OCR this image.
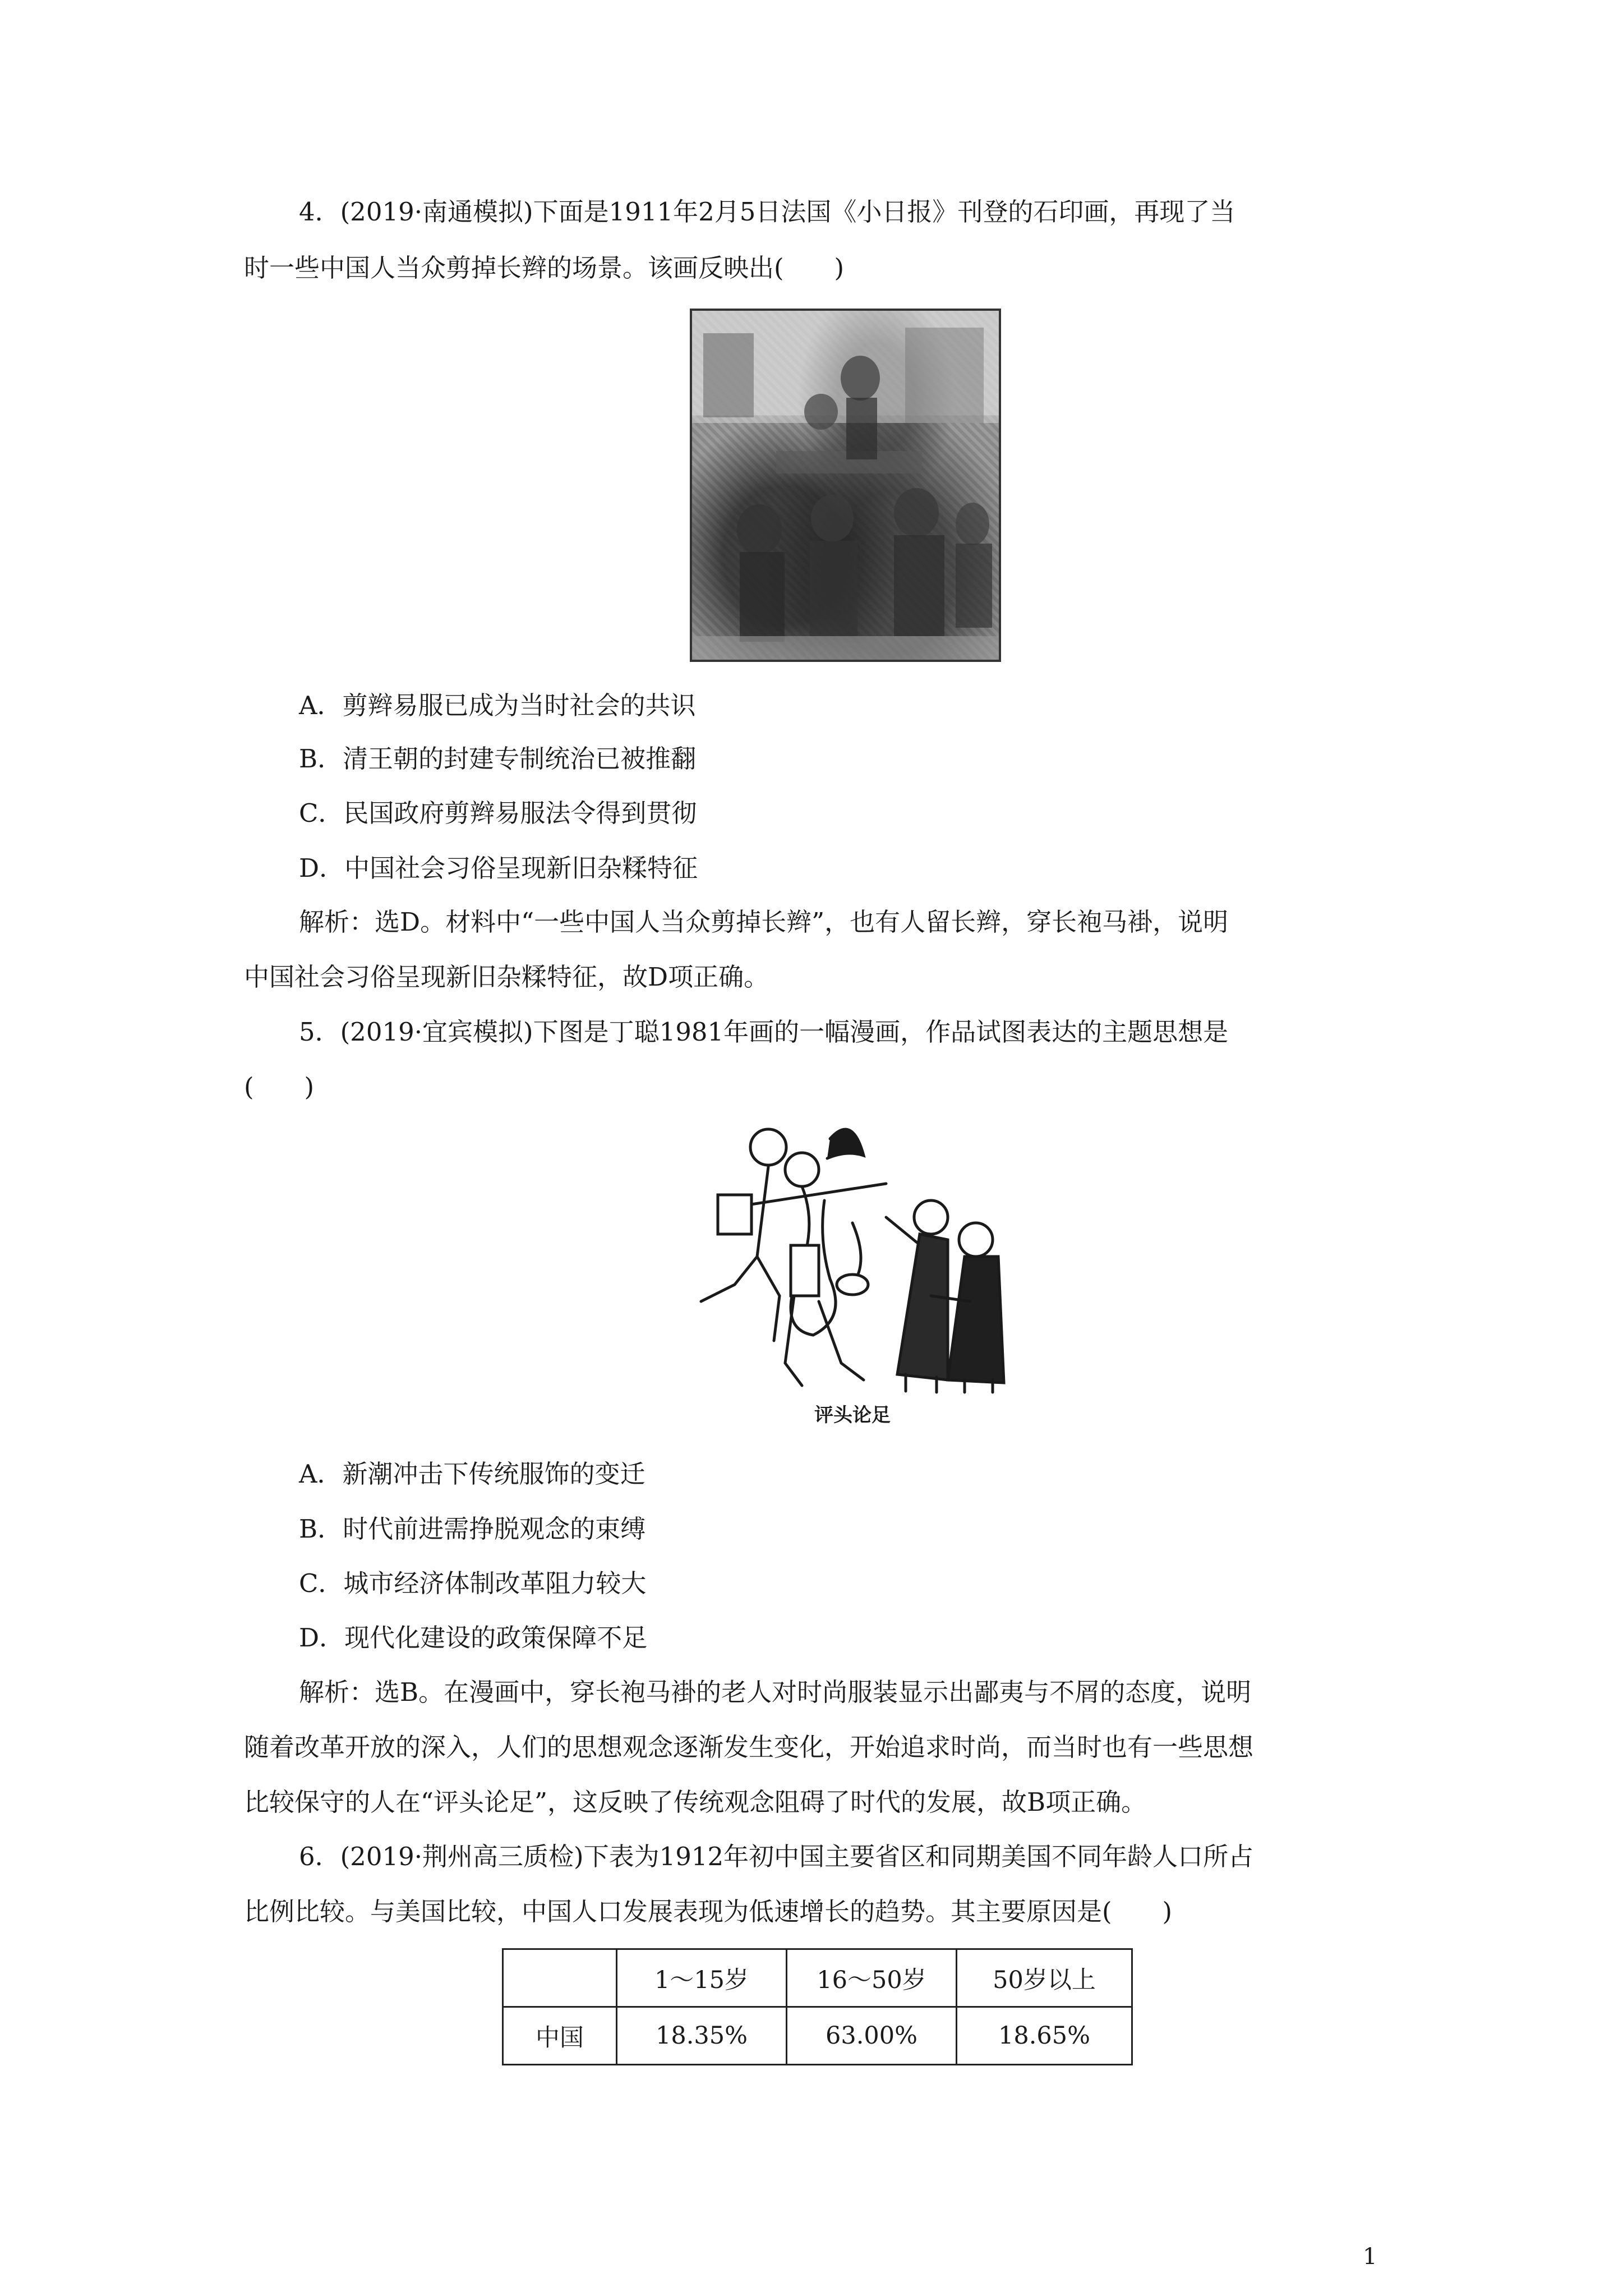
4．(2019·南通模拟)下面是1911年2月5日法国《小日报》刊登的石印画，再现了当
时一些中国人当众剪掉长辫的场景。该画反映出(　　)
A．剪辫易服已成为当时社会的共识
B．清王朝的封建专制统治已被推翻
C．民国政府剪辫易服法令得到贯彻
D．中国社会习俗呈现新旧杂糅特征
解析：选D。材料中“一些中国人当众剪掉长辫”，也有人留长辫，穿长袍马褂，说明
中国社会习俗呈现新旧杂糅特征，故D项正确。
5．(2019·宜宾模拟)下图是丁聪1981年画的一幅漫画，作品试图表达的主题思想是
(　　)
评头论足
A．新潮冲击下传统服饰的变迁
B．时代前进需挣脱观念的束缚
C．城市经济体制改革阻力较大
D．现代化建设的政策保障不足
解析：选B。在漫画中，穿长袍马褂的老人对时尚服装显示出鄙夷与不屑的态度，说明
随着改革开放的深入，人们的思想观念逐渐发生变化，开始追求时尚，而当时也有一些思想
比较保守的人在“评头论足”，这反映了传统观念阻碍了时代的发展，故B项正确。
6．(2019·荆州高三质检)下表为1912年初中国主要省区和同期美国不同年龄人口所占
比例比较。与美国比较，中国人口发展表现为低速增长的趋势。其主要原因是(　　)
	1～15岁	16～50岁	50岁以上
中国	18.35%	63.00%	18.65%
1
